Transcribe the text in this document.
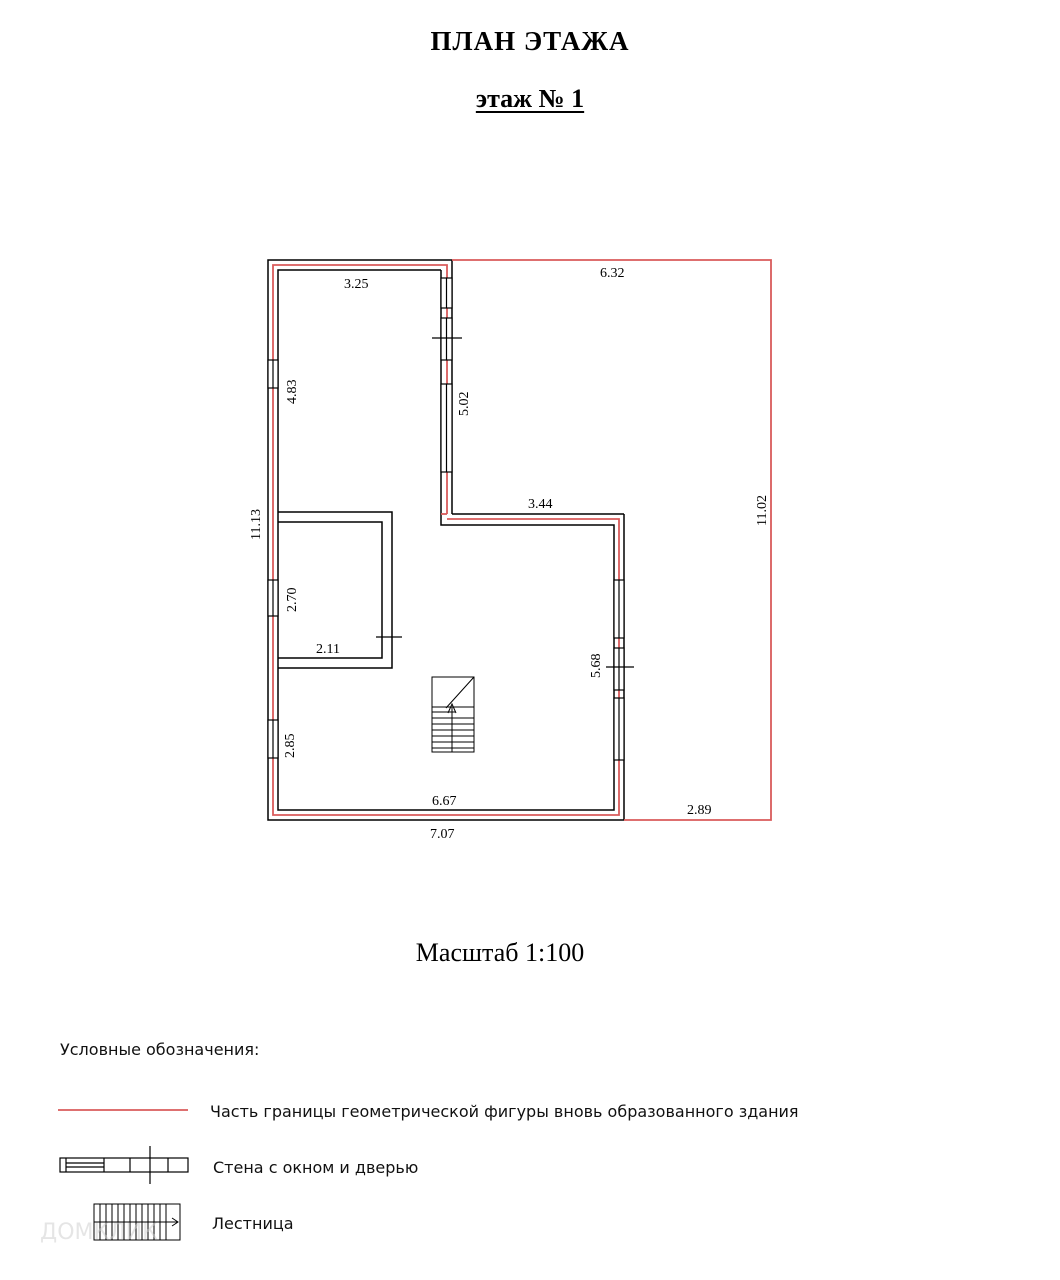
ПЛАН ЭТАЖА
этаж № 1
3.25
6.32
4.83	5.02
3.44	11.02
11.13
2.70
2.11
5.68
2.85
6.67
2.89
7.07
Масштаб 1:100
Условные обозначения:
Часть границы геометрической фигуры вновь образованного здания
Стена с окном и дверью
Лестница
ДОМКЛИК
